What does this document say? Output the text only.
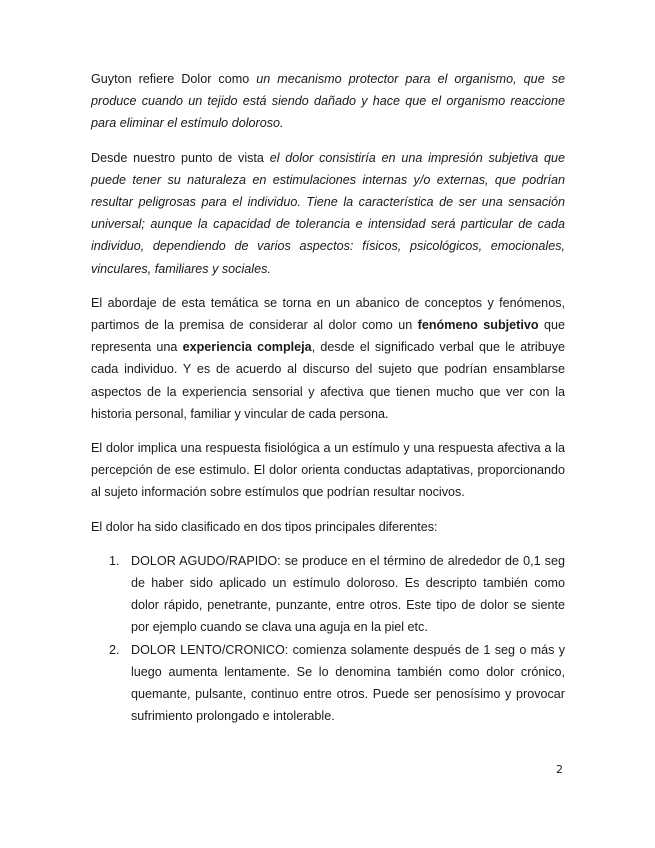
Guyton refiere Dolor como un mecanismo protector para el organismo, que se produce cuando un tejido está siendo dañado y hace que el organismo reaccione para eliminar el estímulo doloroso.

Desde nuestro punto de vista el dolor consistiría en una impresión subjetiva que puede tener su naturaleza en estimulaciones internas y/o externas, que podrían resultar peligrosas para el individuo. Tiene la característica de ser una sensación universal; aunque la capacidad de tolerancia e intensidad será particular de cada individuo, dependiendo de varios aspectos: físicos, psicológicos, emocionales, vinculares, familiares y sociales.

El abordaje de esta temática se torna en un abanico de conceptos y fenómenos, partimos de la premisa de considerar al dolor como un fenómeno subjetivo que representa una experiencia compleja, desde el significado verbal que le atribuye cada individuo. Y es de acuerdo al discurso del sujeto que podrían ensamblarse aspectos de la experiencia sensorial y afectiva que tienen mucho que ver con la historia personal, familiar y vincular de cada persona.

El dolor implica una respuesta fisiológica a un estímulo y una respuesta afectiva a la percepción de ese estimulo. El dolor orienta conductas adaptativas, proporcionando al sujeto información sobre estímulos que podrían resultar nocivos.

El dolor ha sido clasificado en dos tipos principales diferentes:

1. DOLOR AGUDO/RAPIDO: se produce en el término de alrededor de 0,1 seg de haber sido aplicado un estímulo doloroso. Es descripto también como dolor rápido, penetrante, punzante, entre otros. Este tipo de dolor se siente por ejemplo cuando se clava una aguja en la piel etc.
2. DOLOR LENTO/CRONICO: comienza solamente después de 1 seg o más y luego aumenta lentamente. Se lo denomina también como dolor crónico, quemante, pulsante, continuo entre otros. Puede ser penosísimo y provocar sufrimiento prolongado e intolerable.
2
